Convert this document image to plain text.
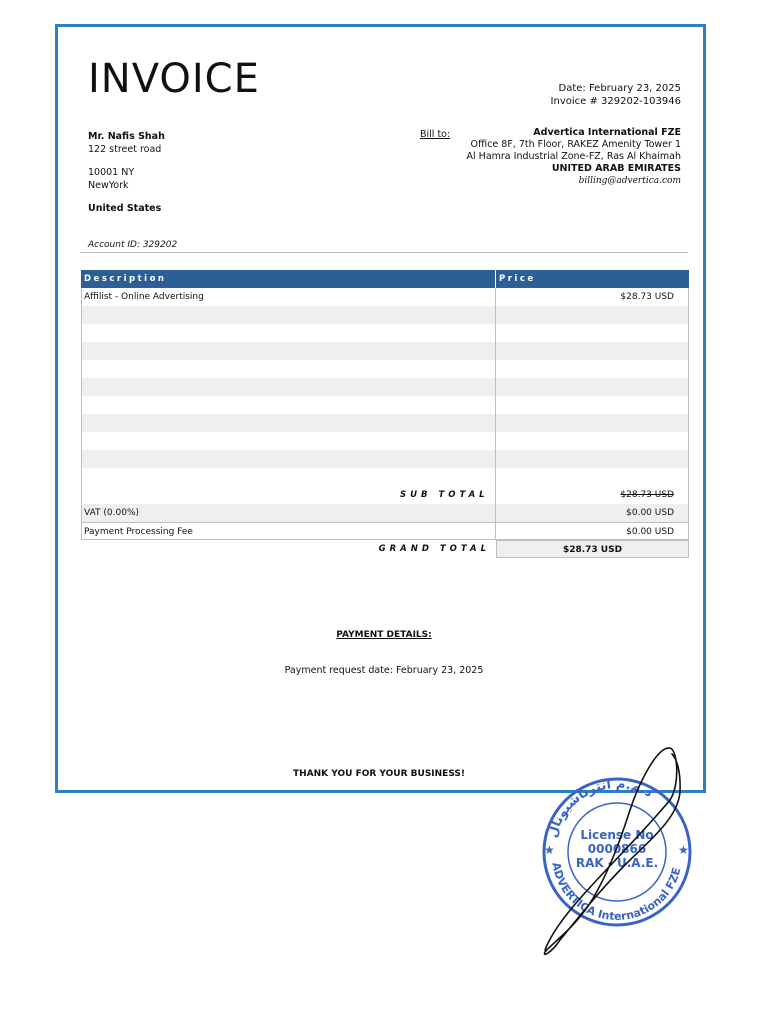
INVOICE	Date: February 23, 2025
Invoice # 329202-103946
Mr. Nafis Shah
122 street road
10001 NY
NewYork
United States
Bill to:	Advertica International FZE
Office 8F, 7th Floor, RAKEZ Amenity Tower 1
Al Hamra Industrial Zone-FZ, Ras Al Khaimah
UNITED ARAB EMIRATES
billing@advertica.com
Account ID: 329202
Description	Price
Affilist - Online Advertising	$28.73 USD
SUB TOTAL	$28.73 USD
VAT (0.00%)	$0.00 USD
Payment Processing Fee	$0.00 USD
GRAND TOTAL	$28.73 USD
PAYMENT DETAILS:
Payment request date: February 23, 2025
THANK YOU FOR YOUR BUSINESS!
د.م.م انترناشيونال
ADVERTICA International FZE
★	★
License No
0000866
RAK - U.A.E.
